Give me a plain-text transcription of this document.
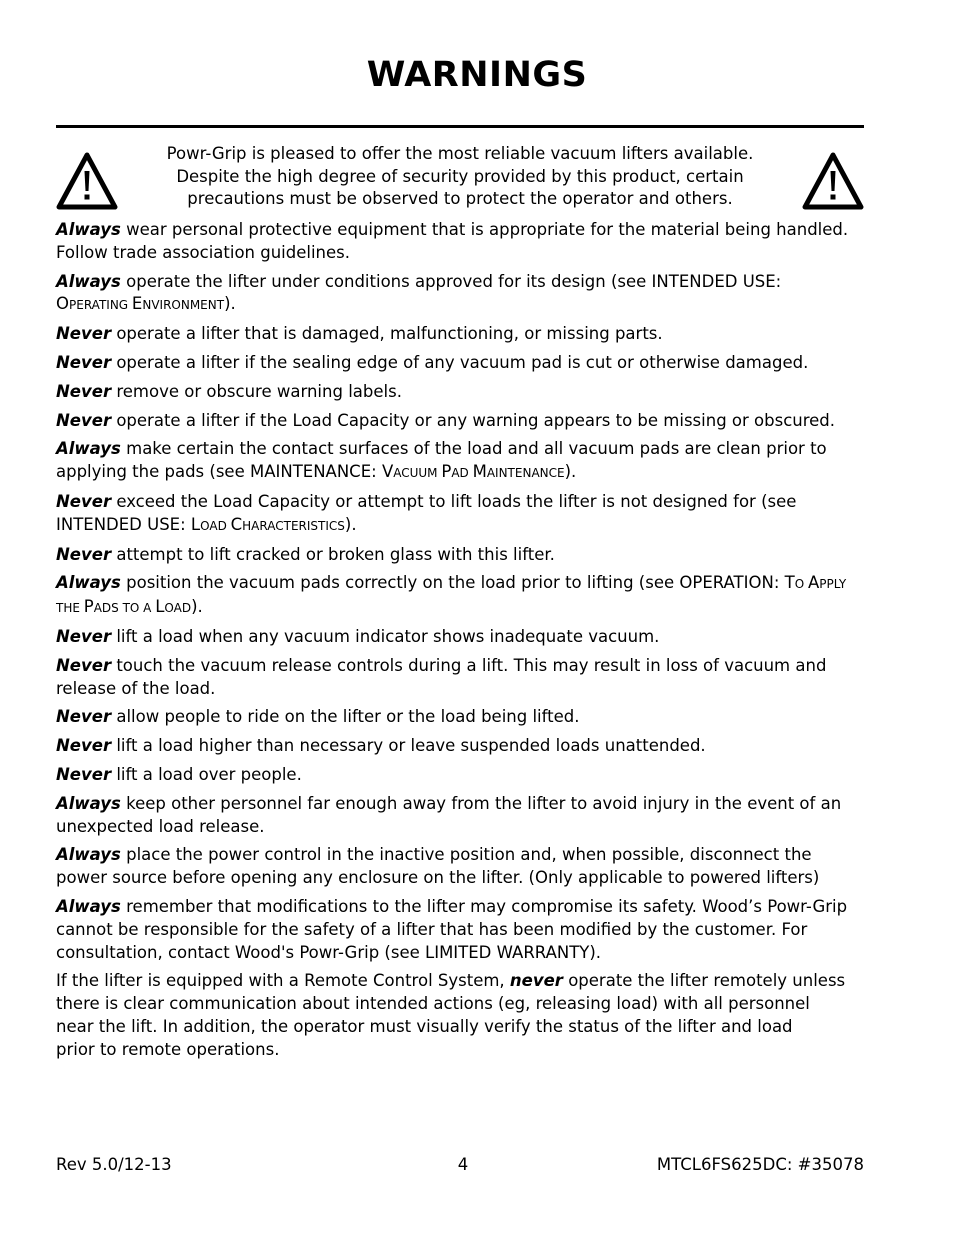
WARNINGS
Powr-Grip is pleased to offer the most reliable vacuum lifters available.
Despite the high degree of security provided by this product, certain
precautions must be observed to protect the operator and others.
Always wear personal protective equipment that is appropriate for the material being handled.
Follow trade association guidelines.
Always operate the lifter under conditions approved for its design (see INTENDED USE:
OPERATING ENVIRONMENT).
Never operate a lifter that is damaged, malfunctioning, or missing parts.
Never operate a lifter if the sealing edge of any vacuum pad is cut or otherwise damaged.
Never remove or obscure warning labels.
Never operate a lifter if the Load Capacity or any warning appears to be missing or obscured.
Always make certain the contact surfaces of the load and all vacuum pads are clean prior to
applying the pads (see MAINTENANCE: VACUUM PAD MAINTENANCE).
Never exceed the Load Capacity or attempt to lift loads the lifter is not designed for (see
INTENDED USE: LOAD CHARACTERISTICS).
Never attempt to lift cracked or broken glass with this lifter.
Always position the vacuum pads correctly on the load prior to lifting (see OPERATION: TO APPLY
THE PADS TO A LOAD).
Never lift a load when any vacuum indicator shows inadequate vacuum.
Never touch the vacuum release controls during a lift. This may result in loss of vacuum and
release of the load.
Never allow people to ride on the lifter or the load being lifted.
Never lift a load higher than necessary or leave suspended loads unattended.
Never lift a load over people.
Always keep other personnel far enough away from the lifter to avoid injury in the event of an
unexpected load release.
Always place the power control in the inactive position and, when possible, disconnect the
power source before opening any enclosure on the lifter. (Only applicable to powered lifters)
Always remember that modifications to the lifter may compromise its safety. Wood’s Powr-Grip
cannot be responsible for the safety of a lifter that has been modified by the customer. For
consultation, contact Wood's Powr-Grip (see LIMITED WARRANTY).
If the lifter is equipped with a Remote Control System, never operate the lifter remotely unless
there is clear communication about intended actions (eg, releasing load) with all personnel
near the lift. In addition, the operator must visually verify the status of the lifter and load
prior to remote operations.
Rev 5.0/12-13	4	MTCL6FS625DC: #35078
